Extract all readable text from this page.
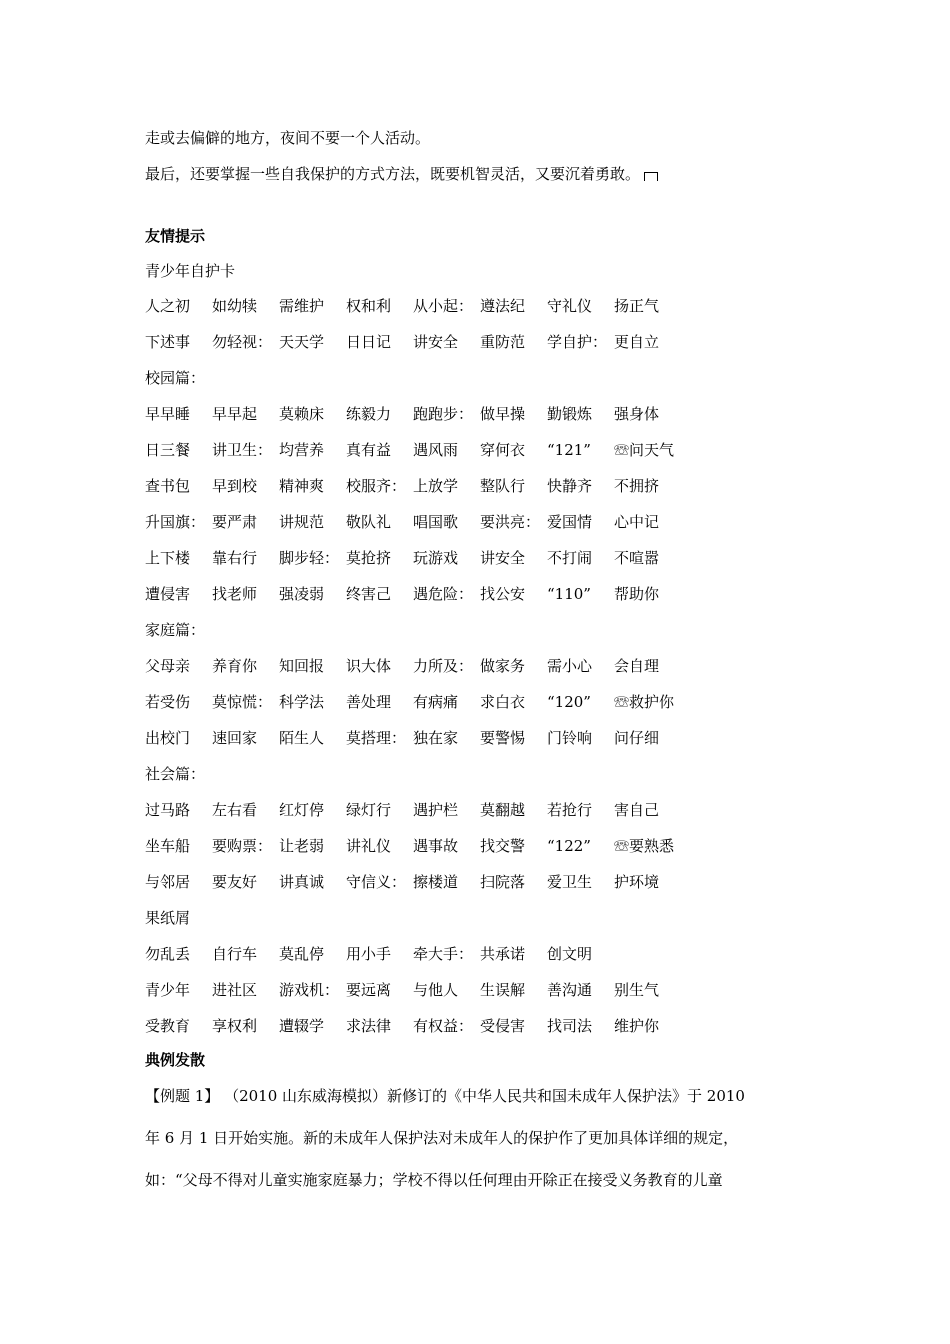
走或去偏僻的地方，夜间不要一个人活动。
最后，还要掌握一些自我保护的方式方法，既要机智灵活，又要沉着勇敢。
友情提示
青少年自护卡
人之初 如幼犊 需维护 权和利 从小起： 遵法纪 守礼仪 扬正气
下述事 勿轻视： 天天学 日日记 讲安全 重防范 学自护： 更自立
校园篇：
早早睡 早早起 莫赖床 练毅力 跑跑步： 做早操 勤锻炼 强身体
日三餐 讲卫生： 均营养 真有益 遇风雨 穿何衣 “121” ☏问天气
查书包 早到校 精神爽 校服齐： 上放学 整队行 快静齐 不拥挤
升国旗： 要严肃 讲规范 敬队礼 唱国歌 要洪亮： 爱国情 心中记
上下楼 靠右行 脚步轻： 莫抢挤 玩游戏 讲安全 不打闹 不喧嚣
遭侵害 找老师 强凌弱 终害己 遇危险： 找公安 “110” 帮助你
家庭篇：
父母亲 养育你 知回报 识大体 力所及： 做家务 需小心 会自理
若受伤 莫惊慌： 科学法 善处理 有病痛 求白衣 “120” ☏救护你
出校门 速回家 陌生人 莫搭理： 独在家 要警惕 门铃响 问仔细
社会篇：
过马路 左右看 红灯停 绿灯行 遇护栏 莫翻越 若抢行 害自己
坐车船 要购票： 让老弱 讲礼仪 遇事故 找交警 “122” ☏要熟悉
与邻居 要友好 讲真诚 守信义： 擦楼道 扫院落 爱卫生 护环境
果纸屑
勿乱丢 自行车 莫乱停 用小手 牵大手： 共承诺 创文明
青少年 进社区 游戏机： 要远离 与他人 生误解 善沟通 别生气
受教育 享权利 遭辍学 求法律 有权益： 受侵害 找司法 维护你
典例发散
【例题 1】 （2010 山东威海模拟）新修订的《中华人民共和国未成年人保护法》于 2010
年 6 月 1 日开始实施。新的未成年人保护法对未成年人的保护作了更加具体详细的规定，
如：“父母不得对儿童实施家庭暴力；学校不得以任何理由开除正在接受义务教育的儿童
